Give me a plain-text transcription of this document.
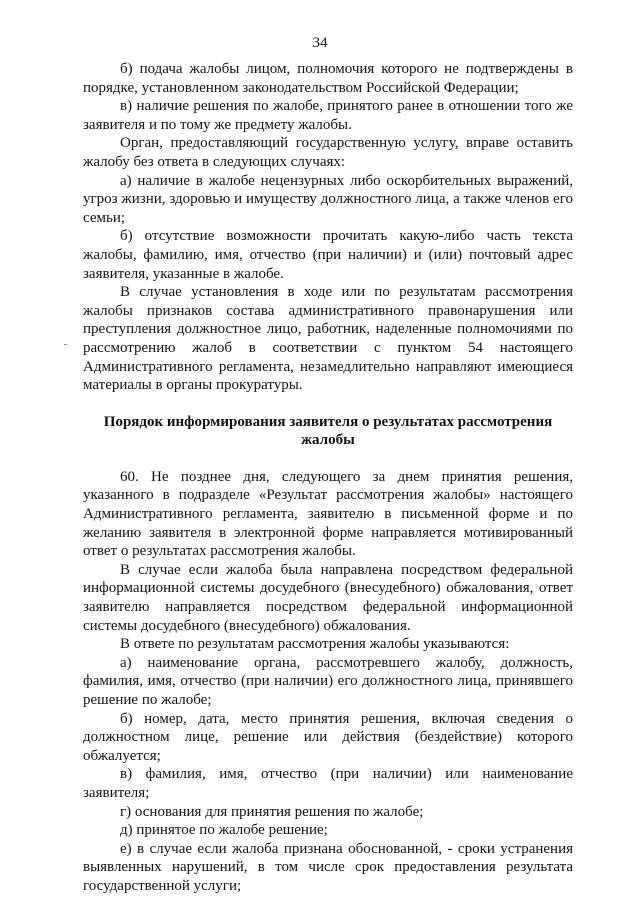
34

б) подача жалобы лицом, полномочия которого не подтверждены в порядке, установленном законодательством Российской Федерации;

в) наличие решения по жалобе, принятого ранее в отношении того же заявителя и по тому же предмету жалобы.

Орган, предоставляющий государственную услугу, вправе оставить жалобу без ответа в следующих случаях:

а) наличие в жалобе нецензурных либо оскорбительных выражений, угроз жизни, здоровью и имуществу должностного лица, а также членов его семьи;

б) отсутствие возможности прочитать какую-либо часть текста жалобы, фамилию, имя, отчество (при наличии) и (или) почтовый адрес заявителя, указанные в жалобе.

В случае установления в ходе или по результатам рассмотрения жалобы признаков состава административного правонарушения или преступления должностное лицо, работник, наделенные полномочиями по рассмотрению жалоб в соответствии с пунктом 54 настоящего Административного регламента, незамедлительно направляют имеющиеся материалы в органы прокуратуры.

Порядок информирования заявителя о результатах рассмотрения жалобы

60. Не позднее дня, следующего за днем принятия решения, указанного в подразделе «Результат рассмотрения жалобы» настоящего Административного регламента, заявителю в письменной форме и по желанию заявителя в электронной форме направляется мотивированный ответ о результатах рассмотрения жалобы.

В случае если жалоба была направлена посредством федеральной информационной системы досудебного (внесудебного) обжалования, ответ заявителю направляется посредством федеральной информационной системы досудебного (внесудебного) обжалования.

В ответе по результатам рассмотрения жалобы указываются:

а) наименование органа, рассмотревшего жалобу, должность, фамилия, имя, отчество (при наличии) его должностного лица, принявшего решение по жалобе;

б) номер, дата, место принятия решения, включая сведения о должностном лице, решение или действия (бездействие) которого обжалуется;

в) фамилия, имя, отчество (при наличии) или наименование заявителя;

г) основания для принятия решения по жалобе;

д) принятое по жалобе решение;

е) в случае если жалоба признана обоснованной, - сроки устранения выявленных нарушений, в том числе срок предоставления результата государственной услуги;
